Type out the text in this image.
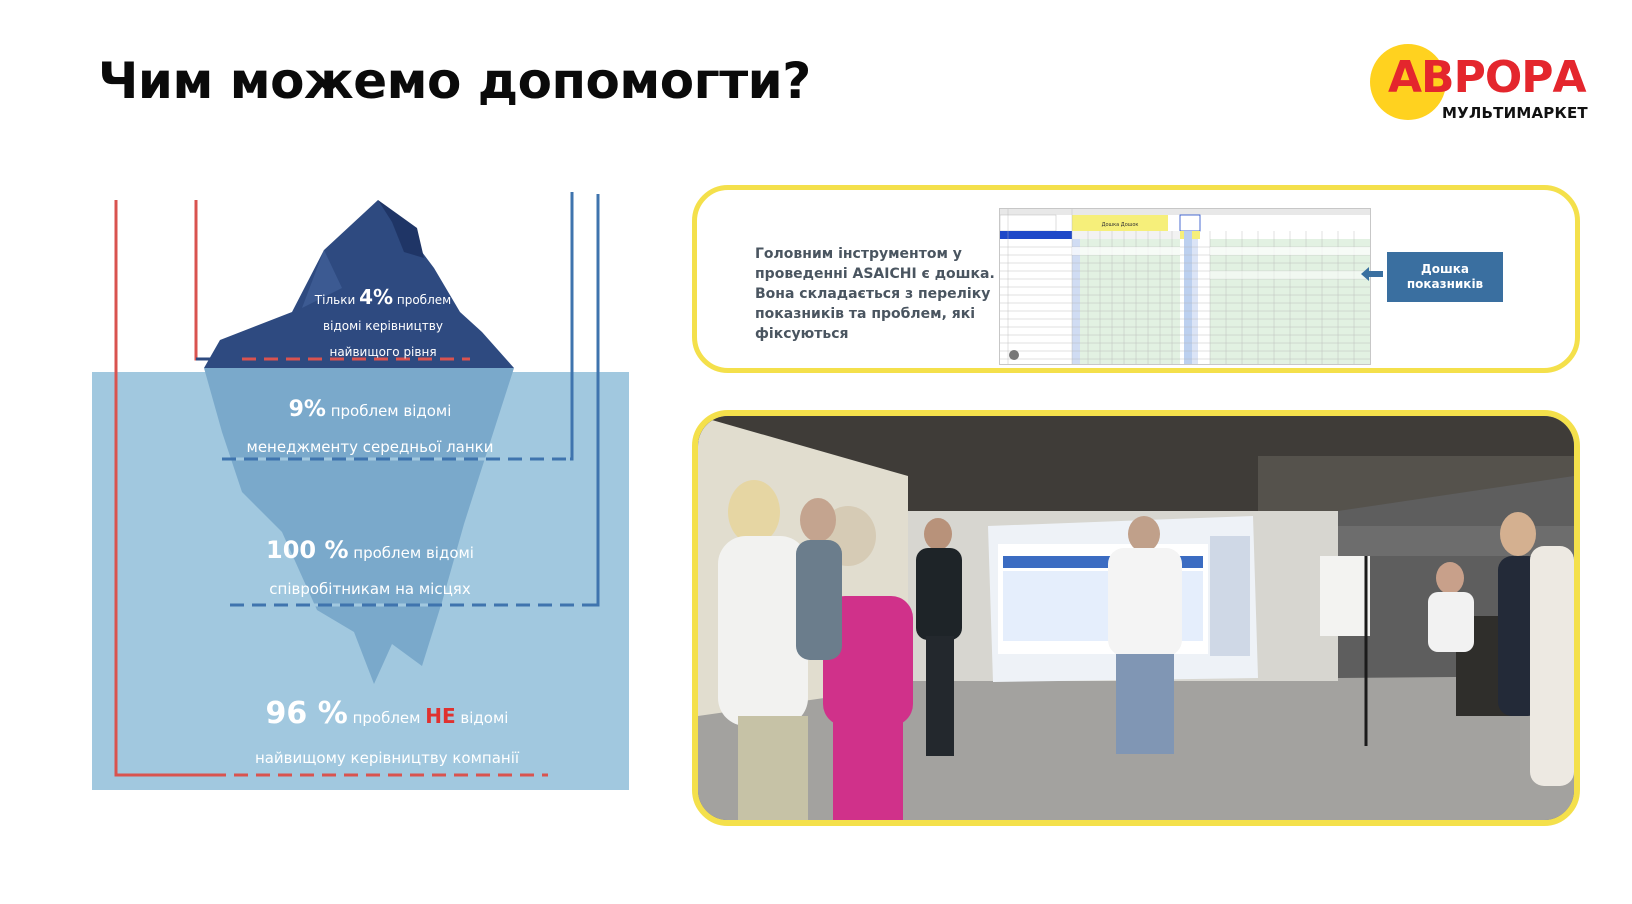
Чим можемо допомогти?	АВРОРА
МУЛЬТИМАРКЕТ
Тільки 4% проблем
відомі керівництву
найвищого рівня
9% проблем відомі
менеджменту середньої ланки
100 % проблем відомі
співробітникам на місцях
96 % проблем НЕ відомі
найвищому керівництву компанії
Головним інструментом у проведенні ASAICHI є дошка. Вона складається з переліку показників та проблем, які фіксуються
Дошка Дошок
Дошка показників
